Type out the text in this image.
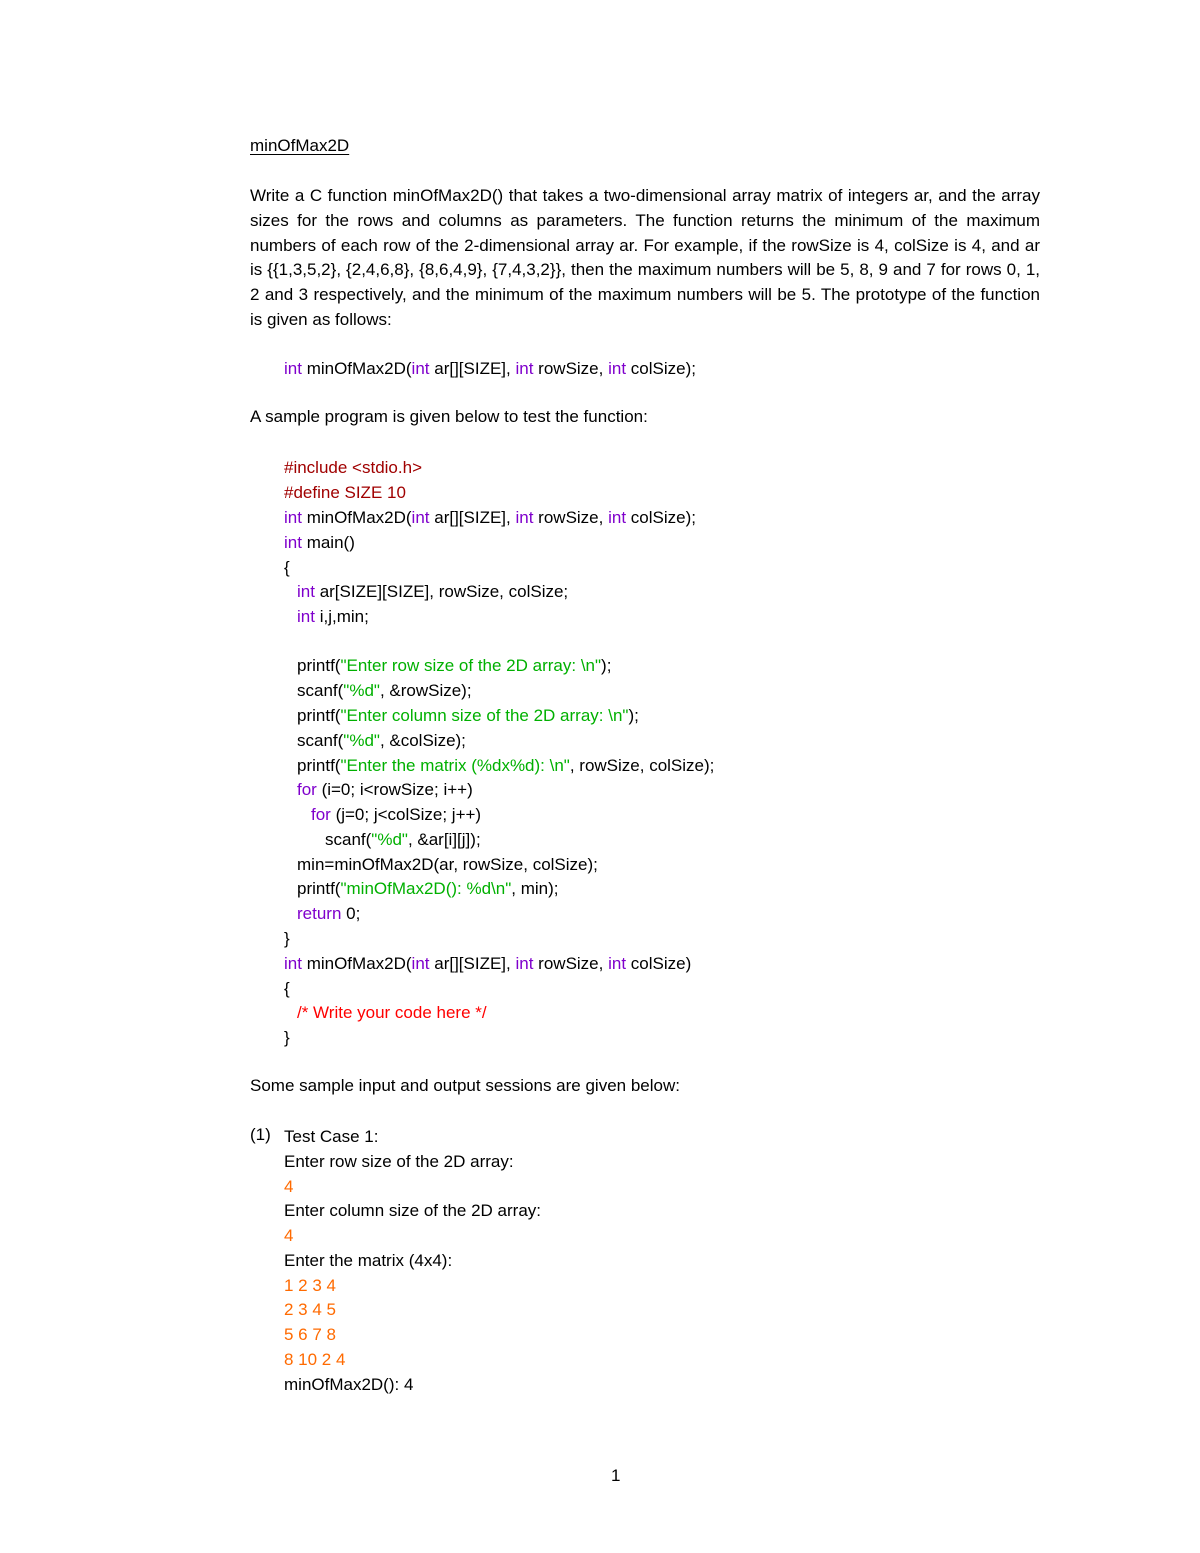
minOfMax2D

Write a C function minOfMax2D() that takes a two-dimensional array matrix of integers ar, and the array sizes for the rows and columns as parameters. The function returns the minimum of the maximum numbers of each row of the 2-dimensional array ar. For example, if the rowSize is 4, colSize is 4, and ar is {{1,3,5,2}, {2,4,6,8}, {8,6,4,9}, {7,4,3,2}}, then the maximum numbers will be 5, 8, 9 and 7 for rows 0, 1, 2 and 3 respectively, and the minimum of the maximum numbers will be 5. The prototype of the function is given as follows:

int minOfMax2D(int ar[][SIZE], int rowSize, int colSize);
A sample program is given below to test the function:
#include <stdio.h>
#define SIZE 10
int minOfMax2D(int ar[][SIZE], int rowSize, int colSize);
int main()
{
int ar[SIZE][SIZE], rowSize, colSize;
int i,j,min;
printf("Enter row size of the 2D array: \n");
scanf("%d", &rowSize);
printf("Enter column size of the 2D array: \n");
scanf("%d", &colSize);
printf("Enter the matrix (%dx%d): \n", rowSize, colSize);
for (i=0; i<rowSize; i++)
for (j=0; j<colSize; j++)
scanf("%d", &ar[i][j]);
min=minOfMax2D(ar, rowSize, colSize);
printf("minOfMax2D(): %d\n", min);
return 0;
}
int minOfMax2D(int ar[][SIZE], int rowSize, int colSize)
{
/* Write your code here */
}
Some sample input and output sessions are given below:
(1) Test Case 1:
Enter row size of the 2D array:
4
Enter column size of the 2D array:
4
Enter the matrix (4x4):
1 2 3 4
2 3 4 5
5 6 7 8
8 10 2 4
minOfMax2D(): 4
1
